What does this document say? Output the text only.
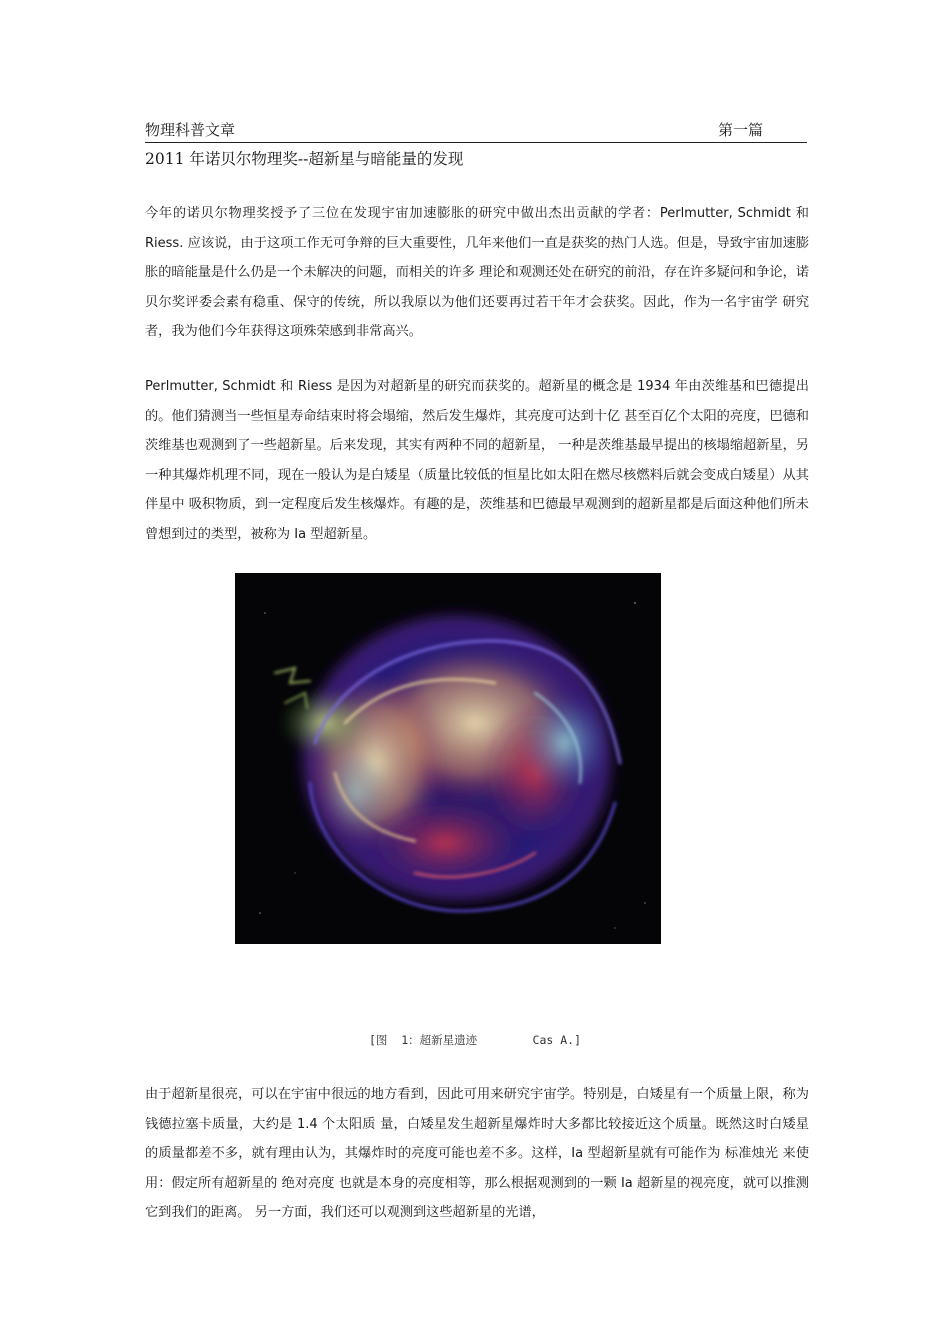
物理科普文章	第一篇
2011 年诺贝尔物理奖--超新星与暗能量的发现

今年的诺贝尔物理奖授予了三位在发现宇宙加速膨胀的研究中做出杰出贡献的学者：Perlmutter, Schmidt 和 Riess. 应该说，由于这项工作无可争辩的巨大重要性，几年来他们一直是获奖的热门人选。但是，导致宇宙加速膨胀的暗能量是什么仍是一个未解决的问题，而相关的许多 理论和观测还处在研究的前沿，存在许多疑问和争论，诺贝尔奖评委会素有稳重、保守的传统，所以我原以为他们还要再过若干年才会获奖。因此，作为一名宇宙学 研究者，我为他们今年获得这项殊荣感到非常高兴。

Perlmutter, Schmidt 和 Riess 是因为对超新星的研究而获奖的。超新星的概念是 1934 年由茨维基和巴德提出的。他们猜测当一些恒星寿命结束时将会塌缩，然后发生爆炸，其亮度可达到十亿 甚至百亿个太阳的亮度，巴德和茨维基也观测到了一些超新星。后来发现，其实有两种不同的超新星， 一种是茨维基最早提出的核塌缩超新星，另一种其爆炸机理不同，现在一般认为是白矮星（质量比较低的恒星比如太阳在燃尽核燃料后就会变成白矮星）从其伴星中 吸积物质，到一定程度后发生核爆炸。有趣的是，茨维基和巴德最早观测到的超新星都是后面这种他们所未曾想到过的类型，被称为 Ia 型超新星。

[图  1：超新星遗迹        Cas A.]

由于超新星很亮，可以在宇宙中很远的地方看到，因此可用来研究宇宙学。特别是，白矮星有一个质量上限，称为钱德拉塞卡质量，大约是 1.4 个太阳质 量，白矮星发生超新星爆炸时大多都比较接近这个质量。既然这时白矮星的质量都差不多，就有理由认为，其爆炸时的亮度可能也差不多。这样，Ia 型超新星就有可能作为 标准烛光 来使用：假定所有超新星的 绝对亮度 也就是本身的亮度相等，那么根据观测到的一颗 Ia 超新星的视亮度，就可以推测它到我们的距离。 另一方面，我们还可以观测到这些超新星的光谱，
